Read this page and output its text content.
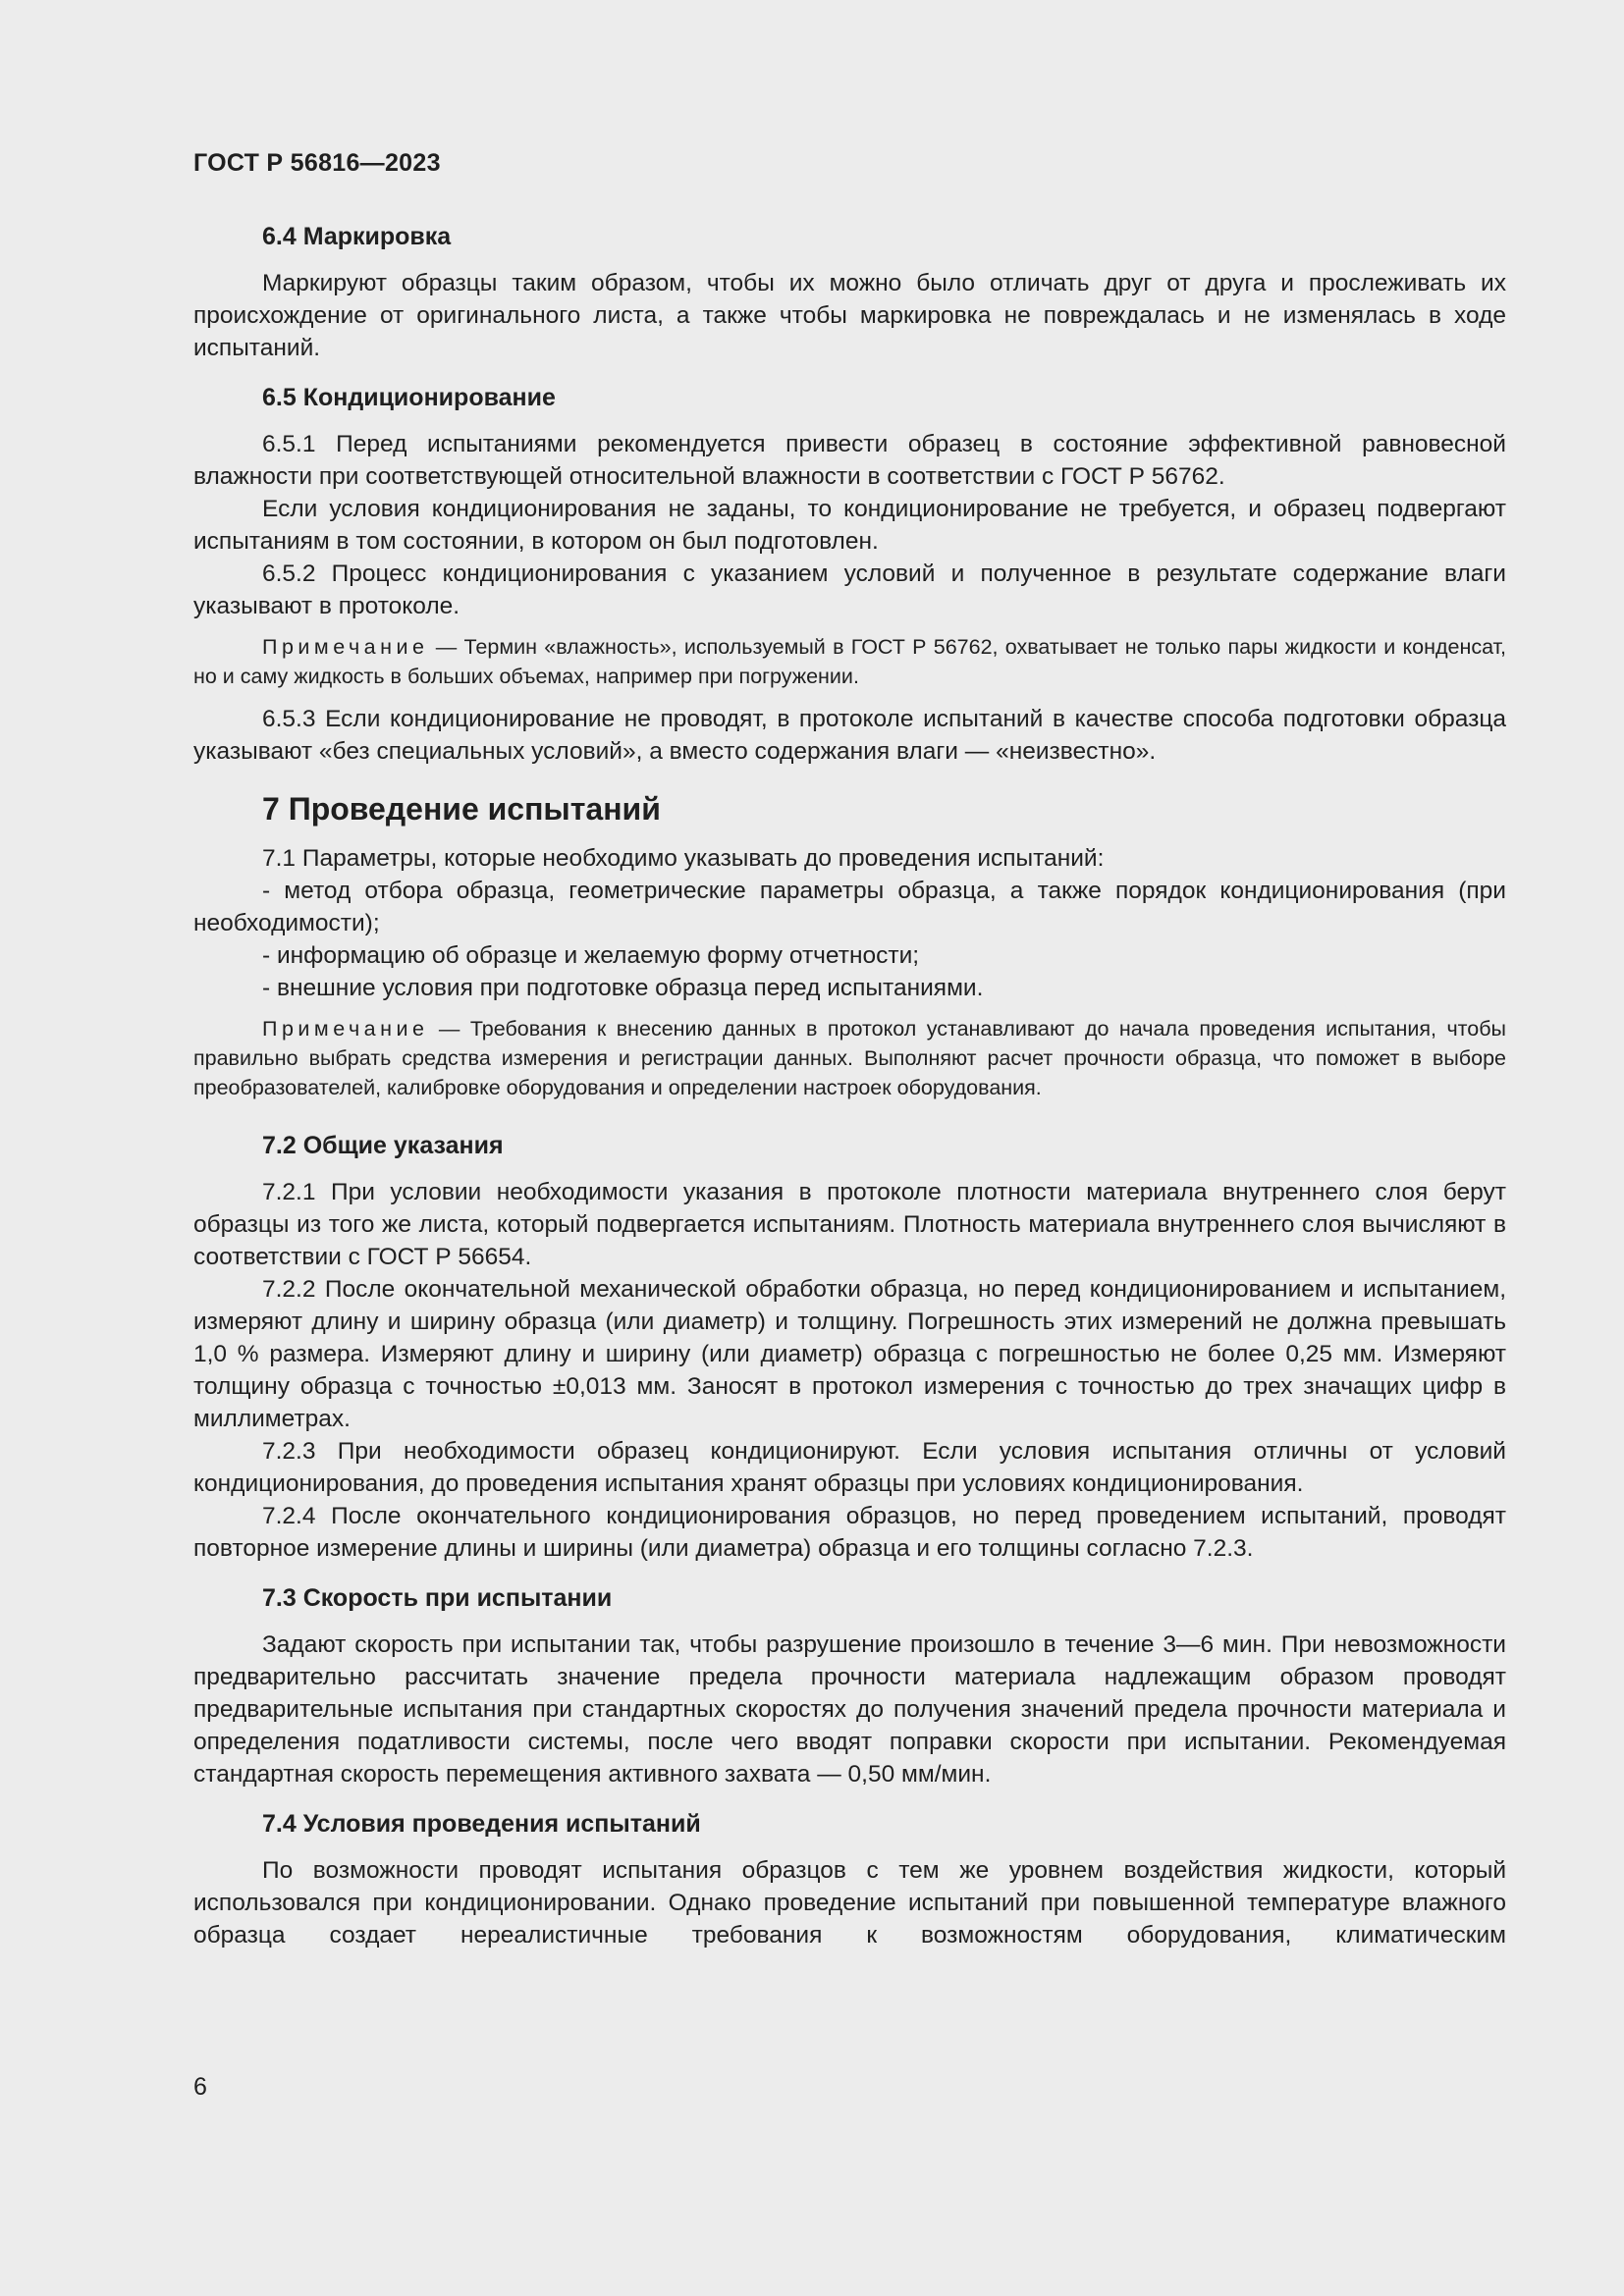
ГОСТ Р 56816—2023
6.4 Маркировка

Маркируют образцы таким образом, чтобы их можно было отличать друг от друга и прослеживать их происхождение от оригинального листа, а также чтобы маркировка не повреждалась и не изменялась в ходе испытаний.

6.5 Кондиционирование

6.5.1 Перед испытаниями рекомендуется привести образец в состояние эффективной равновесной влажности при соответствующей относительной влажности в соответствии с ГОСТ Р 56762.

Если условия кондиционирования не заданы, то кондиционирование не требуется, и образец подвергают испытаниям в том состоянии, в котором он был подготовлен.

6.5.2 Процесс кондиционирования с указанием условий и полученное в результате содержание влаги указывают в протоколе.

Примечание — Термин «влажность», используемый в ГОСТ Р 56762, охватывает не только пары жидкости и конденсат, но и саму жидкость в больших объемах, например при погружении.

6.5.3 Если кондиционирование не проводят, в протоколе испытаний в качестве способа подготовки образца указывают «без специальных условий», а вместо содержания влаги — «неизвестно».

7 Проведение испытаний

7.1 Параметры, которые необходимо указывать до проведения испытаний:

- метод отбора образца, геометрические параметры образца, а также порядок кондиционирования (при необходимости);
- информацию об образце и желаемую форму отчетности;
- внешние условия при подготовке образца перед испытаниями.
Примечание — Требования к внесению данных в протокол устанавливают до начала проведения испытания, чтобы правильно выбрать средства измерения и регистрации данных. Выполняют расчет прочности образца, что поможет в выборе преобразователей, калибровке оборудования и определении настроек оборудования.
7.2 Общие указания

7.2.1 При условии необходимости указания в протоколе плотности материала внутреннего слоя берут образцы из того же листа, который подвергается испытаниям. Плотность материала внутреннего слоя вычисляют в соответствии с ГОСТ Р 56654.

7.2.2 После окончательной механической обработки образца, но перед кондиционированием и испытанием, измеряют длину и ширину образца (или диаметр) и толщину. Погрешность этих измерений не должна превышать 1,0 % размера. Измеряют длину и ширину (или диаметр) образца с погрешностью не более 0,25 мм. Измеряют толщину образца с точностью ±0,013 мм. Заносят в протокол измерения с точностью до трех значащих цифр в миллиметрах.

7.2.3 При необходимости образец кондиционируют. Если условия испытания отличны от условий кондиционирования, до проведения испытания хранят образцы при условиях кондиционирования.

7.2.4 После окончательного кондиционирования образцов, но перед проведением испытаний, проводят повторное измерение длины и ширины (или диаметра) образца и его толщины согласно 7.2.3.

7.3 Скорость при испытании

Задают скорость при испытании так, чтобы разрушение произошло в течение 3—6 мин. При невозможности предварительно рассчитать значение предела прочности материала надлежащим образом проводят предварительные испытания при стандартных скоростях до получения значений предела прочности материала и определения податливости системы, после чего вводят поправки скорости при испытании. Рекомендуемая стандартная скорость перемещения активного захвата — 0,50 мм/мин.

7.4 Условия проведения испытаний

По возможности проводят испытания образцов с тем же уровнем воздействия жидкости, который использовался при кондиционировании. Однако проведение испытаний при повышенной температуре влажного образца создает нереалистичные требования к возможностям оборудования, климатическим

6
